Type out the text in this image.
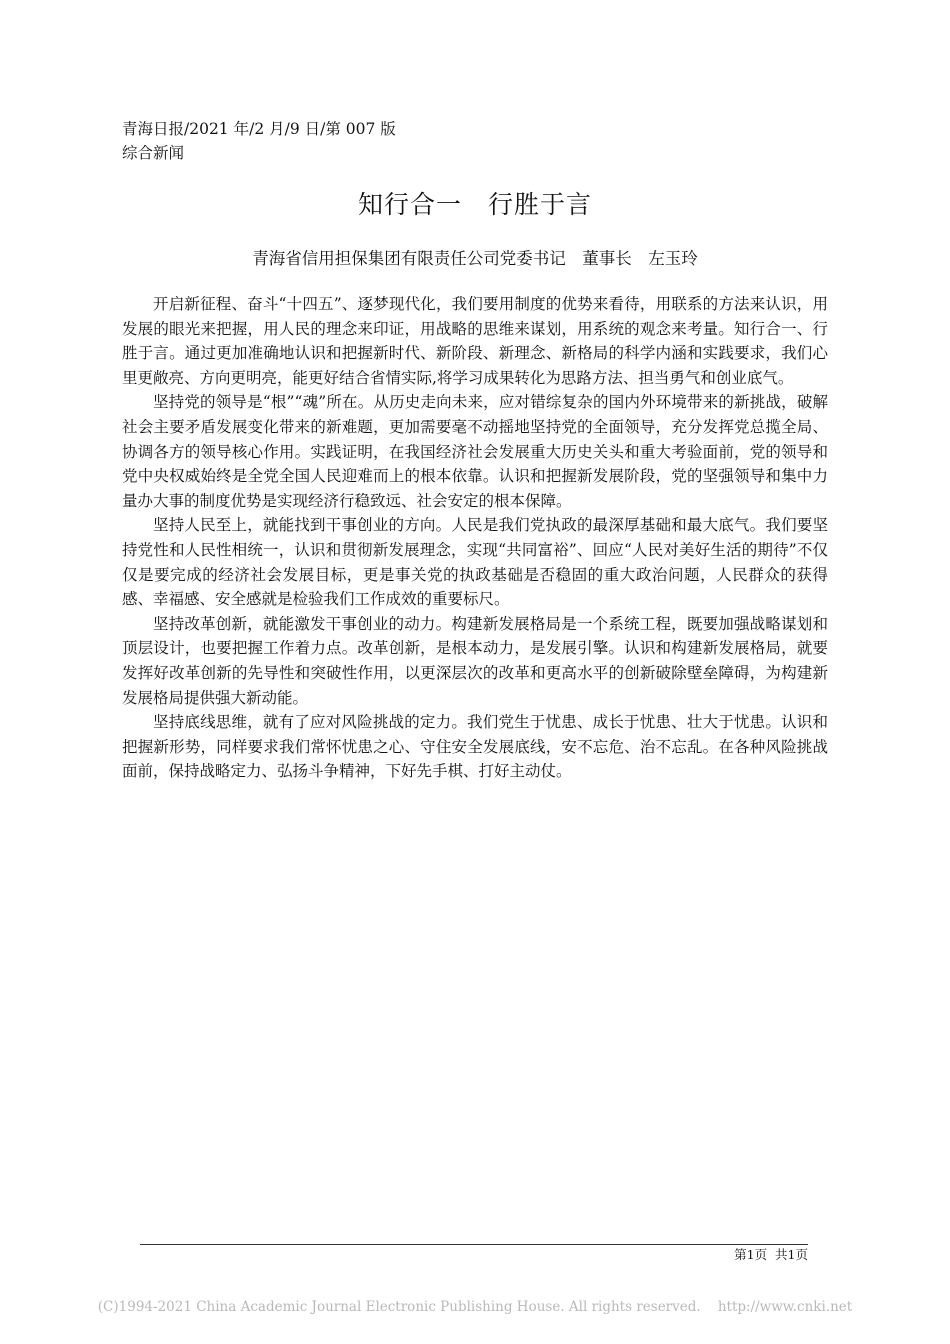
青海日报/2021 年/2 月/9 日/第 007 版
综合新闻
知行合一　行胜于言
青海省信用担保集团有限责任公司党委书记　董事长　左玉玲

开启新征程、奋斗“十四五”、逐梦现代化，我们要用制度的优势来看待，用联系的方法来认识，用发展的眼光来把握，用人民的理念来印证，用战略的思维来谋划，用系统的观念来考量。知行合一、行胜于言。通过更加准确地认识和把握新时代、新阶段、新理念、新格局的科学内涵和实践要求，我们心里更敞亮、方向更明亮，能更好结合省情实际,将学习成果转化为思路方法、担当勇气和创业底气。

坚持党的领导是“根”“魂”所在。从历史走向未来，应对错综复杂的国内外环境带来的新挑战，破解社会主要矛盾发展变化带来的新难题，更加需要毫不动摇地坚持党的全面领导，充分发挥党总揽全局、协调各方的领导核心作用。实践证明，在我国经济社会发展重大历史关头和重大考验面前，党的领导和党中央权威始终是全党全国人民迎难而上的根本依靠。认识和把握新发展阶段，党的坚强领导和集中力量办大事的制度优势是实现经济行稳致远、社会安定的根本保障。

坚持人民至上，就能找到干事创业的方向。人民是我们党执政的最深厚基础和最大底气。我们要坚持党性和人民性相统一，认识和贯彻新发展理念，实现“共同富裕”、回应“人民对美好生活的期待”不仅仅是要完成的经济社会发展目标，更是事关党的执政基础是否稳固的重大政治问题，人民群众的获得感、幸福感、安全感就是检验我们工作成效的重要标尺。

坚持改革创新，就能激发干事创业的动力。构建新发展格局是一个系统工程，既要加强战略谋划和顶层设计，也要把握工作着力点。改革创新，是根本动力，是发展引擎。认识和构建新发展格局，就要发挥好改革创新的先导性和突破性作用，以更深层次的改革和更高水平的创新破除壁垒障碍，为构建新发展格局提供强大新动能。

坚持底线思维，就有了应对风险挑战的定力。我们党生于忧患、成长于忧患、壮大于忧患。认识和把握新形势，同样要求我们常怀忧患之心、守住安全发展底线，安不忘危、治不忘乱。在各种风险挑战面前，保持战略定力、弘扬斗争精神，下好先手棋、打好主动仗。

第1页  共1页
(C)1994-2021 China Academic Journal Electronic Publishing House. All rights reserved.    http://www.cnki.net
